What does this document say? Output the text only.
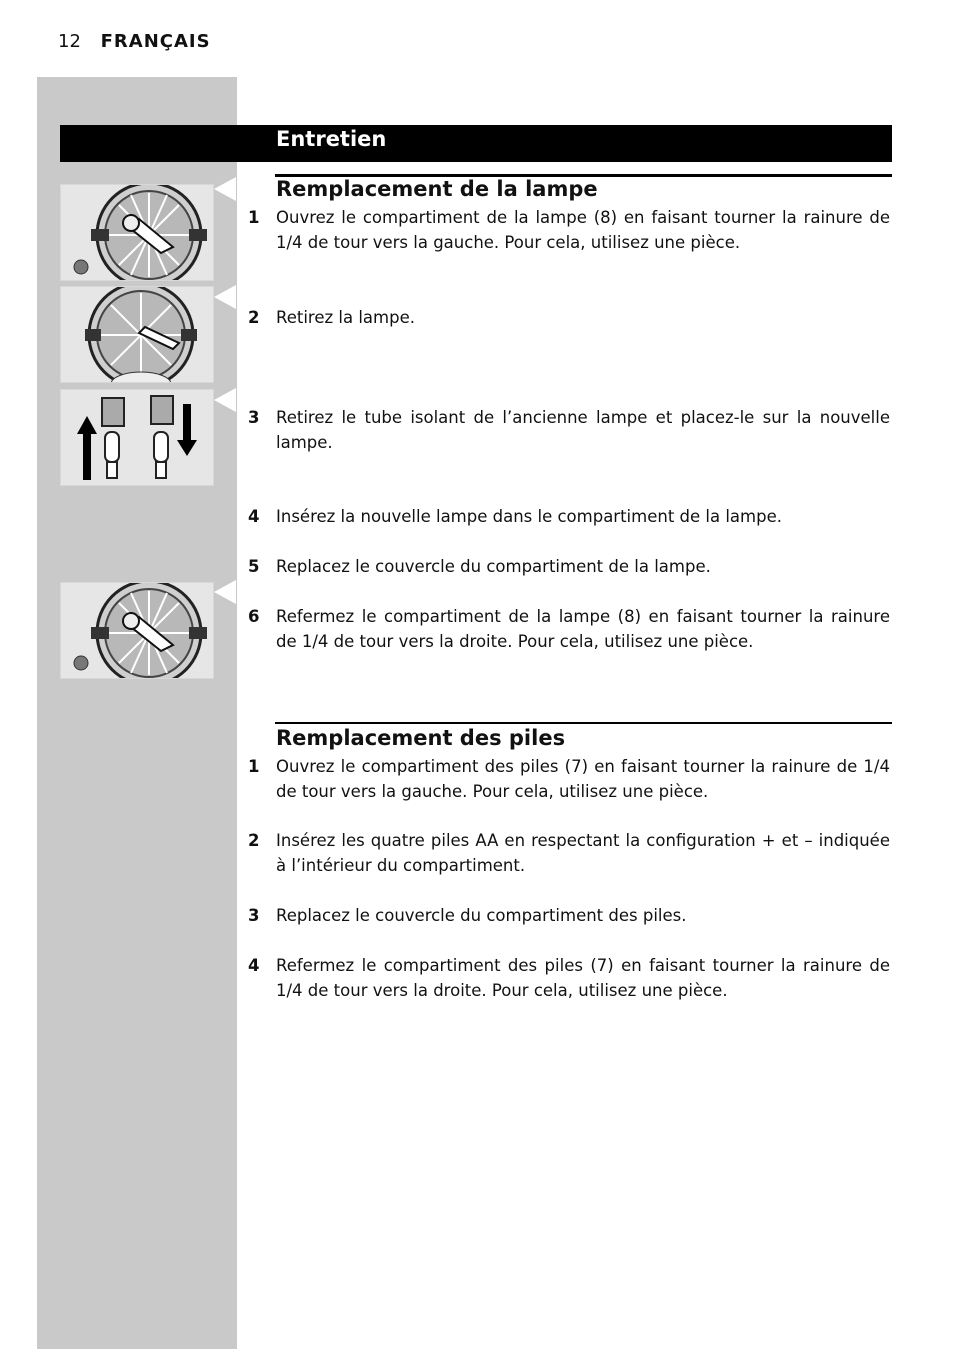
12 FRANÇAIS
Entretien
Remplacement de la lampe
1 Ouvrez le compartiment de la lampe (8) en faisant tourner la rainure de 1/4 de tour vers la gauche. Pour cela, utilisez une pièce.
2 Retirez la lampe.
3 Retirez le tube isolant de l’ancienne lampe et placez-le sur la nouvelle lampe.
4 Insérez la nouvelle lampe dans le compartiment de la lampe.
5 Replacez le couvercle du compartiment de la lampe.
6 Refermez le compartiment de la lampe (8) en faisant tourner la rainure de 1/4 de tour vers la droite. Pour cela, utilisez une pièce.
Remplacement des piles
1 Ouvrez le compartiment des piles (7) en faisant tourner la rainure de 1/4 de tour vers la gauche. Pour cela, utilisez une pièce.
2 Insérez les quatre piles AA en respectant la configuration + et – indiquée à l’intérieur du compartiment.
3 Replacez le couvercle du compartiment des piles.
4 Refermez le compartiment des piles (7) en faisant tourner la rainure de 1/4 de tour vers la droite. Pour cela, utilisez une pièce.
